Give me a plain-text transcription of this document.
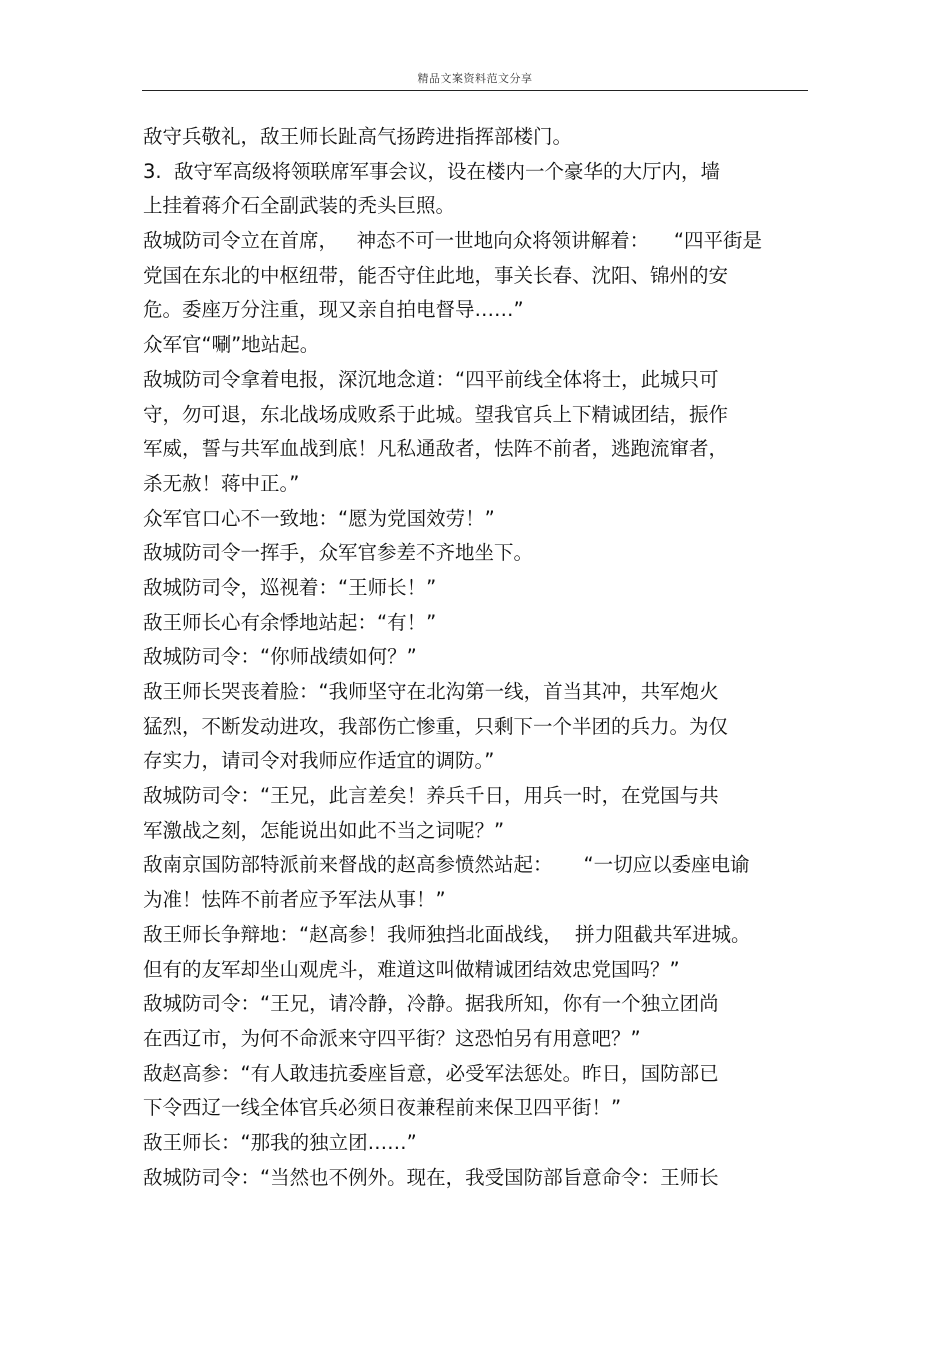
精品文案资料范文分享
敌守兵敬礼，敌王师长趾高气扬跨进指挥部楼门。
3.  敌守军高级将领联席军事会议，设在楼内一个豪华的大厅内，墙
上挂着蒋介石全副武装的秃头巨照。
敌城防司令立在首席，   神态不可一世地向众将领讲解着：    “四平街是
党国在东北的中枢纽带，能否守住此地，事关长春、沈阳、锦州的安
危。委座万分注重，现又亲自拍电督导……”
众军官“唰”地站起。
敌城防司令拿着电报，深沉地念道：“四平前线全体将士，此城只可
守，勿可退，东北战场成败系于此城。望我官兵上下精诚团结，振作
军威，誓与共军血战到底！凡私通敌者，怯阵不前者，逃跑流窜者，
杀无赦！蒋中正。”
众军官口心不一致地：“愿为党国效劳！”
敌城防司令一挥手，众军官参差不齐地坐下。
敌城防司令，巡视着：“王师长！”
敌王师长心有余悸地站起：“有！”
敌城防司令：“你师战绩如何？”
敌王师长哭丧着脸：“我师坚守在北沟第一线，首当其冲，共军炮火
猛烈，不断发动进攻，我部伤亡惨重，只剩下一个半团的兵力。为仅
存实力，请司令对我师应作适宜的调防。”
敌城防司令：“王兄，此言差矣！养兵千日，用兵一时，在党国与共
军激战之刻，怎能说出如此不当之词呢？”
敌南京国防部特派前来督战的赵高参愤然站起：     “一切应以委座电谕
为准！怯阵不前者应予军法从事！”
敌王师长争辩地：“赵高参！我师独挡北面战线，  拼力阻截共军进城。
但有的友军却坐山观虎斗，难道这叫做精诚团结效忠党国吗？”
敌城防司令：“王兄，请冷静，冷静。据我所知，你有一个独立团尚
在西辽市，为何不命派来守四平街？这恐怕另有用意吧？”
敌赵高参：“有人敢违抗委座旨意，必受军法惩处。昨日，国防部已
下令西辽一线全体官兵必须日夜兼程前来保卫四平街！”
敌王师长：“那我的独立团……”
敌城防司令：“当然也不例外。现在，我受国防部旨意命令：王师长
